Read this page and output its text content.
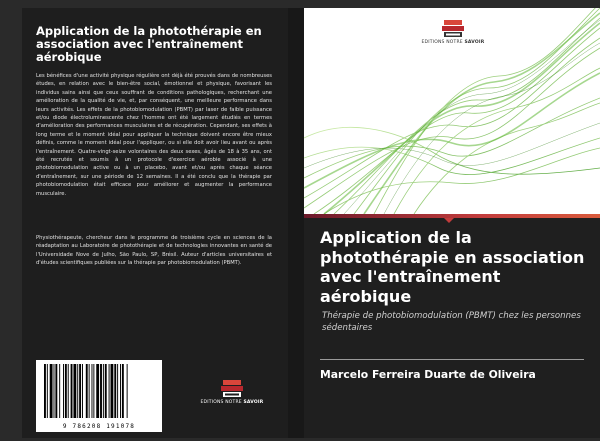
Application de la photothérapie en association avec l'entraînement aérobique

Les bénéfices d'une activité physique régulière ont déjà été prouvés dans de nombreuses études, en relation avec le bien-être social, émotionnel et physique, favorisant les individus sains ainsi que ceux souffrant de conditions pathologiques, recherchant une amélioration de la qualité de vie, et, par conséquent, une meilleure performance dans leurs activités. Les effets de la photobiomodulation (PBMT) par laser de faible puissance et/ou diode électroluminescente chez l'homme ont été largement étudiés en termes d'amélioration des performances musculaires et de récupération. Cependant, ses effets à long terme et le moment idéal pour appliquer la technique doivent encore être mieux définis, comme le moment idéal pour l'appliquer, ou si elle doit avoir lieu avant ou après l'entraînement. Quatre-vingt-seize volontaires des deux sexes, âgés de 18 à 35 ans, ont été recrutés et soumis à un protocole d'exercice aérobie associé à une photobiomodulation active ou à un placebo, avant et/ou après chaque séance d'entraînement, sur une période de 12 semaines. Il a été conclu que la thérapie par photobiomodulation était efficace pour améliorer et augmenter la performance musculaire.

Physiothérapeute, chercheur dans le programme de troisième cycle en sciences de la réadaptation au Laboratoire de photothérapie et de technologies innovantes en santé de l'Universidade Nove de Julho, São Paulo, SP, Brésil. Auteur d'articles universitaires et d'études scientifiques publiées sur la thérapie par photobiomodulation (PBMT).

9 786208 191078
EDITIONS NOTRE SAVOIR
EDITIONS NOTRE SAVOIR
Application de la photothérapie en association avec l'entraînement aérobique

Thérapie de photobiomodulation (PBMT) chez les personnes sédentaires

Marcelo Ferreira Duarte de Oliveira
